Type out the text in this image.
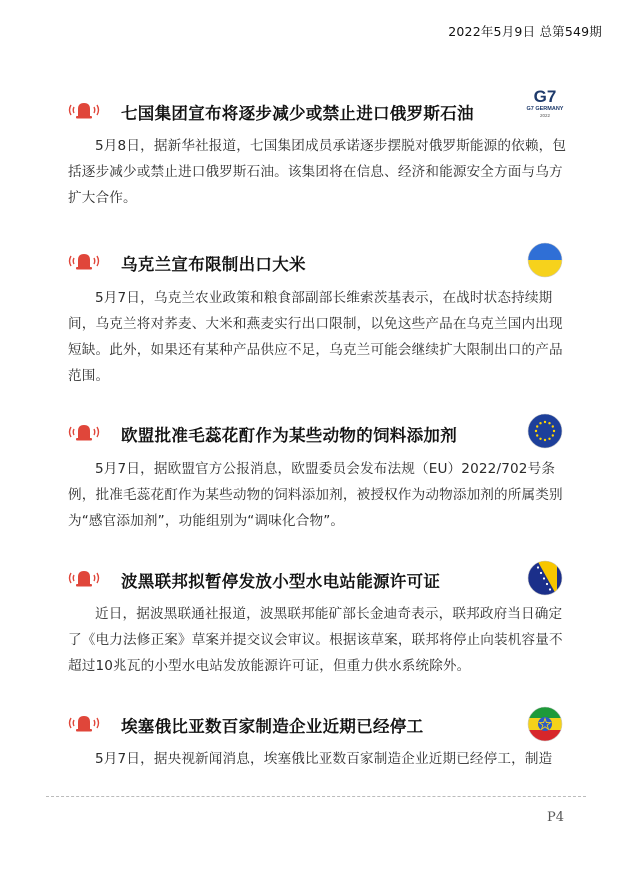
2022年5月9日 总第549期
七国集团宣布将逐步减少或禁止进口俄罗斯石油
G7
G7 GERMANY
2022

5月8日，据新华社报道，七国集团成员承诺逐步摆脱对俄罗斯能源的依赖，包括逐步减少或禁止进口俄罗斯石油。该集团将在信息、经济和能源安全方面与乌方扩大合作。

乌克兰宣布限制出口大米

5月7日，乌克兰农业政策和粮食部副部长维索茨基表示，在战时状态持续期间，乌克兰将对荞麦、大米和燕麦实行出口限制，以免这些产品在乌克兰国内出现短缺。此外，如果还有某种产品供应不足，乌克兰可能会继续扩大限制出口的产品范围。

欧盟批准毛蕊花酊作为某些动物的饲料添加剂

5月7日，据欧盟官方公报消息，欧盟委员会发布法规（EU）2022/702号条例，批准毛蕊花酊作为某些动物的饲料添加剂，被授权作为动物添加剂的所属类别为“感官添加剂”，功能组别为“调味化合物”。

波黑联邦拟暂停发放小型水电站能源许可证

近日，据波黑联通社报道，波黑联邦能矿部长金迪奇表示，联邦政府当日确定了《电力法修正案》草案并提交议会审议。根据该草案，联邦将停止向装机容量不超过10兆瓦的小型水电站发放能源许可证，但重力供水系统除外。

埃塞俄比亚数百家制造企业近期已经停工

5月7日，据央视新闻消息，埃塞俄比亚数百家制造企业近期已经停工，制造

P4
